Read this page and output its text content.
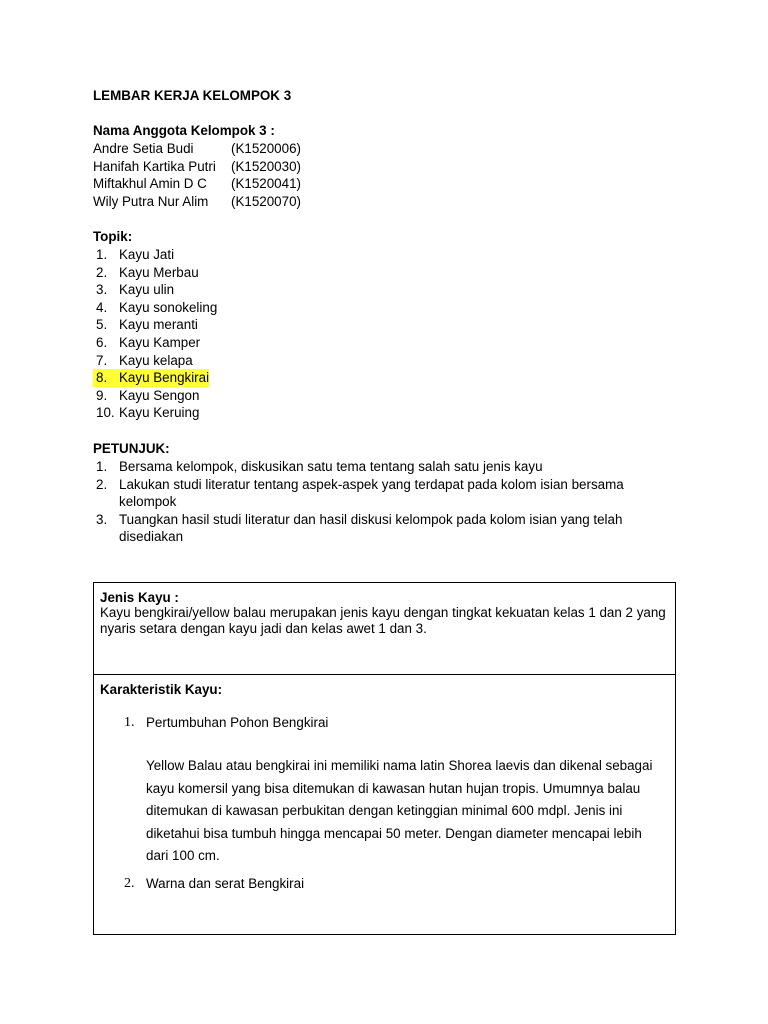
LEMBAR KERJA KELOMPOK 3
Nama Anggota Kelompok 3 :
Andre Setia Budi	(K1520006)
Hanifah Kartika Putri	(K1520030)
Miftakhul Amin D C	(K1520041)
Wily Putra Nur Alim	(K1520070)
Topik:
1. Kayu Jati
2. Kayu Merbau
3. Kayu ulin
4. Kayu sonokeling
5. Kayu meranti
6. Kayu Kamper
7. Kayu kelapa
8. Kayu Bengkirai
9. Kayu Sengon
10. Kayu Keruing
PETUNJUK:
1. Bersama kelompok, diskusikan satu tema tentang salah satu jenis kayu
2. Lakukan studi literatur tentang aspek-aspek yang terdapat pada kolom isian bersama kelompok
3. Tuangkan hasil studi literatur dan hasil diskusi kelompok pada kolom isian yang telah disediakan
Jenis Kayu :
Kayu bengkirai/yellow balau merupakan jenis kayu dengan tingkat kekuatan kelas 1 dan 2 yang nyaris setara dengan kayu jadi dan kelas awet 1 dan 3.
Karakteristik Kayu:
1. Pertumbuhan Pohon Bengkirai
Yellow Balau atau bengkirai ini memiliki nama latin Shorea laevis dan dikenal sebagai kayu komersil yang bisa ditemukan di kawasan hutan hujan tropis. Umumnya balau ditemukan di kawasan perbukitan dengan ketinggian minimal 600 mdpl. Jenis ini diketahui bisa tumbuh hingga mencapai 50 meter. Dengan diameter mencapai lebih dari 100 cm.
2. Warna dan serat Bengkirai
